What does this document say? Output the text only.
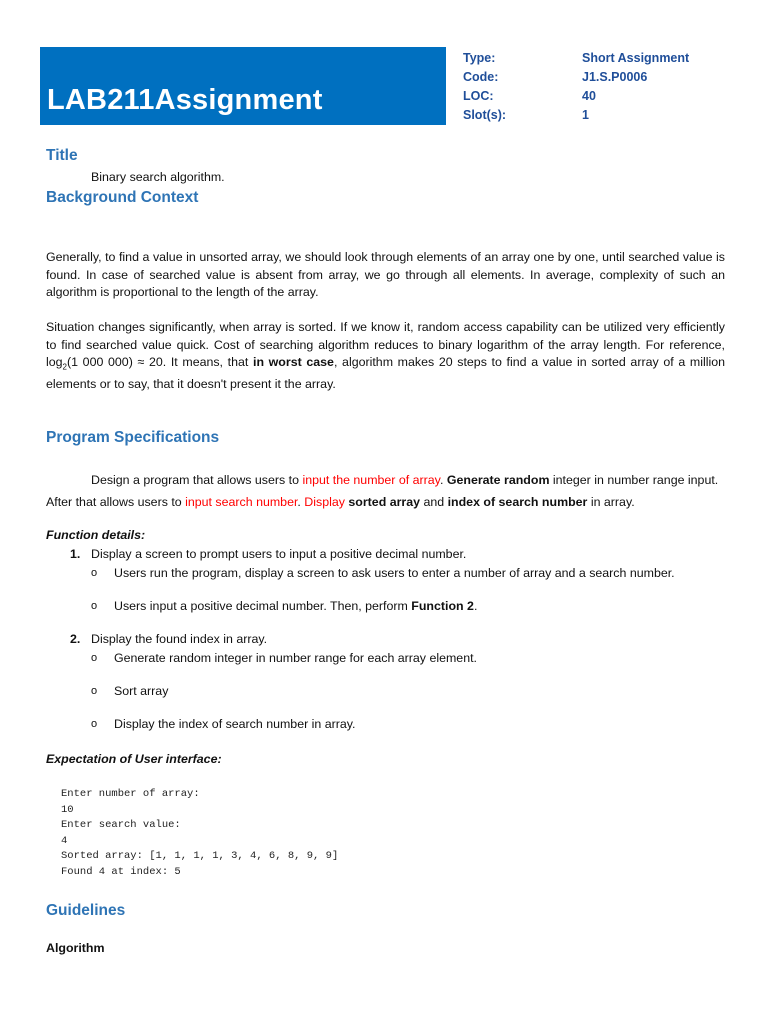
LAB211Assignment
Type:	Short Assignment
Code:	J1.S.P0006
LOC:	40
Slot(s):	1
Title
Binary search algorithm.
Background Context
Generally, to find a value in unsorted array, we should look through elements of an array one by one, until searched value is found. In case of searched value is absent from array, we go through all elements. In average, complexity of such an algorithm is proportional to the length of the array.
Situation changes significantly, when array is sorted. If we know it, random access capability can be utilized very efficiently to find searched value quick. Cost of searching algorithm reduces to binary logarithm of the array length. For reference, $\log_2(1$ 000 000) ≈ 20. It means, that in worst case, algorithm makes 20 steps to find a value in sorted array of a million elements or to say, that it doesn't present it the array.
Program Specifications
Design a program that allows users to input the number of array. Generate random integer in number range input. After that allows users to input search number. Display sorted array and index of search number in array.
Function details:
1. Display a screen to prompt users to input a positive decimal number.
o Users run the program, display a screen to ask users to enter a number of array and a search number.
o Users input a positive decimal number. Then, perform Function 2.
2. Display the found index in array.
o Generate random integer in number range for each array element.
o Sort array
o Display the index of search number in array.
Expectation of User interface:
Enter number of array:
10
Enter search value:
4
Sorted array: [1, 1, 1, 1, 3, 4, 6, 8, 9, 9]
Found 4 at index: 5
Guidelines
Algorithm
